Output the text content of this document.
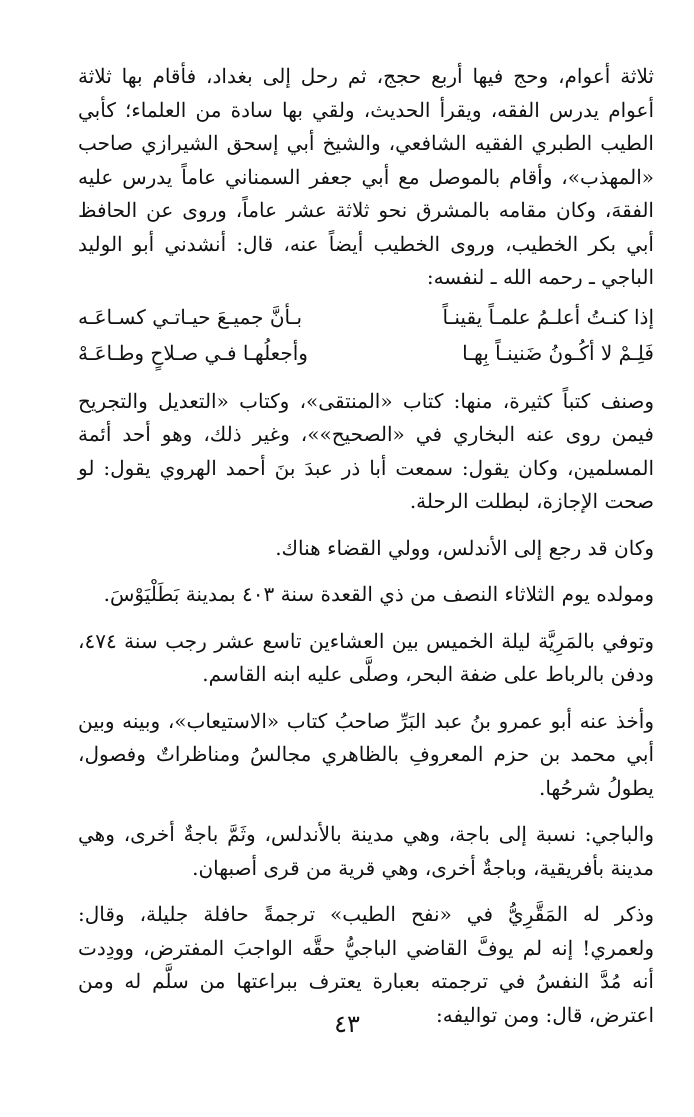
ثلاثة أعوام، وحج فيها أربع حجج، ثم رحل إلى بغداد، فأقام بها ثلاثة أعوام يدرس الفقه، ويقرأ الحديث، ولقي بها سادة من العلماء؛ كأبي الطيب الطبري الفقيه الشافعي، والشيخ أبي إسحق الشيرازي صاحب «المهذب»، وأقام بالموصل مع أبي جعفر السمناني عاماً يدرس عليه الفقهَ، وكان مقامه بالمشرق نحو ثلاثة عشر عاماً، وروى عن الحافظ أبي بكر الخطيب، وروى الخطيب أيضاً عنه، قال: أنشدني أبو الوليد الباجي ـ رحمه الله ـ لنفسه:

إذا كنـتُ أعلـمُ علمـاً يقينـاً
بـأنَّ جميـعَ حيـاتـي كسـاعَـه
فَلِـمْ لا أكُـونُ ضَنينـاً بِهـا
وأجعلُهـا فـي صـلاحٍ وطـاعَـهْ

وصنف كتباً كثيرة، منها: كتاب «المنتقى»، وكتاب «التعديل والتجريح فيمن روى عنه البخاري في «الصحيح»»، وغير ذلك، وهو أحد أئمة المسلمين، وكان يقول: سمعت أبا ذر عبدَ بنَ أحمد الهروي يقول: لو صحت الإجازة، لبطلت الرحلة.

وكان قد رجع إلى الأندلس، وولي القضاء هناك.

ومولده يوم الثلاثاء النصف من ذي القعدة سنة ٤٠٣ بمدينة بَطَلْيَوْسَ.

وتوفي بالمَرِيَّة ليلة الخميس بين العشاءين تاسع عشر رجب سنة ٤٧٤، ودفن بالرباط على ضفة البحر، وصلَّى عليه ابنه القاسم.

وأخذ عنه أبو عمرو بنُ عبد البَرِّ صاحبُ كتاب «الاستيعاب»، وبينه وبين أبي محمد بن حزم المعروفِ بالظاهري مجالسُ ومناظراتٌ وفصول، يطولُ شرحُها.

والباجي: نسبة إلى باجة، وهي مدينة بالأندلس، وثَمَّ باجةٌ أخرى، وهي مدينة بأفريقية، وباجةٌ أخرى، وهي قرية من قرى أصبهان.

وذكر له المَقَّرِيُّ في «نفح الطيب» ترجمةً حافلة جليلة، وقال: ولعمري! إنه لم يوفَّ القاضي الباجيُّ حقَّه الواجبَ المفترض، وودِدت أنه مُدَّ النفسُ في ترجمته بعبارة يعترف ببراعتها من سلَّم له ومن اعترض، قال: ومن تواليفه:

٤٣
